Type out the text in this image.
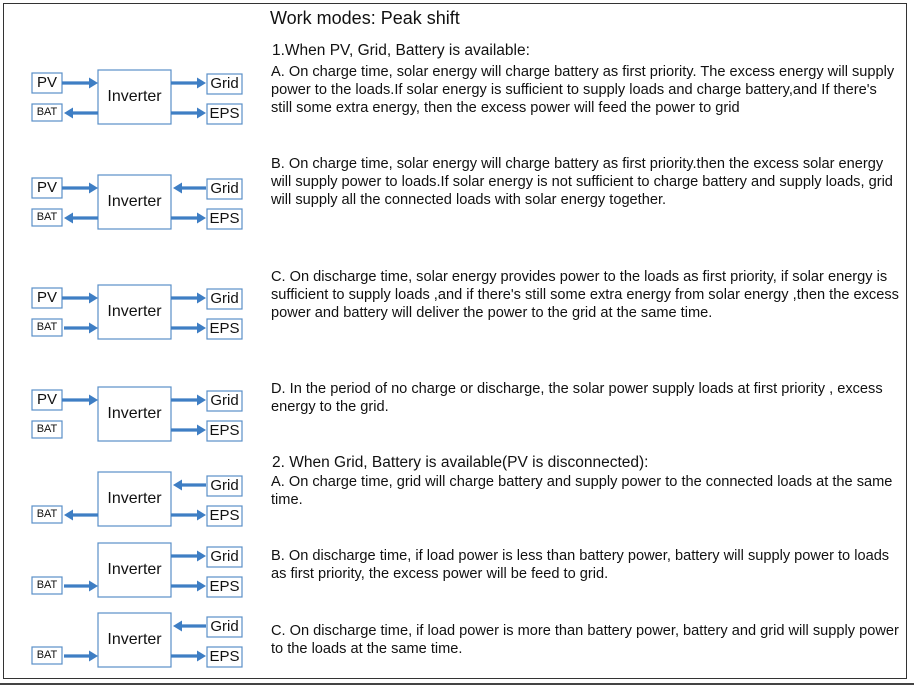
Work modes: Peak shift
1.When PV, Grid, Battery is available:
2. When Grid, Battery is available(PV is disconnected):

A. On charge time, solar energy will charge battery as first priority. The excess energy will supply power to the loads.If solar energy is sufficient to supply loads and charge battery,and If there's still some extra energy, then the excess power will feed the power to grid

B. On charge time, solar energy will charge battery as first priority.then the excess solar energy will supply power to loads.If solar energy is not sufficient to charge battery and supply loads, grid will supply all the connected loads with solar energy together.

C. On discharge time, solar energy provides power to the loads as first priority, if solar energy is sufficient to supply loads ,and if there's still some extra energy from solar energy ,then the excess power and battery will deliver the power to the grid at the same time.

D. In the period of no charge or discharge, the solar power supply loads at first priority , excess energy to the grid.

A. On charge time, grid will charge battery and supply power to the connected loads at the same time.

B. On discharge time, if load power is less than battery power, battery will supply power to loads as first priority, the excess power will be feed to grid.

C. On discharge time, if load power is more than battery power, battery and grid will supply power to the loads at the same time.

PV
BAT
Inverter
Grid
EPS
PV
BAT
Inverter
Grid
EPS
PV
BAT
Inverter
Grid
EPS
PV
BAT
Inverter
Grid
EPS
BAT
Inverter
Grid
EPS
BAT
Inverter
Grid
EPS
BAT
Inverter
Grid
EPS
